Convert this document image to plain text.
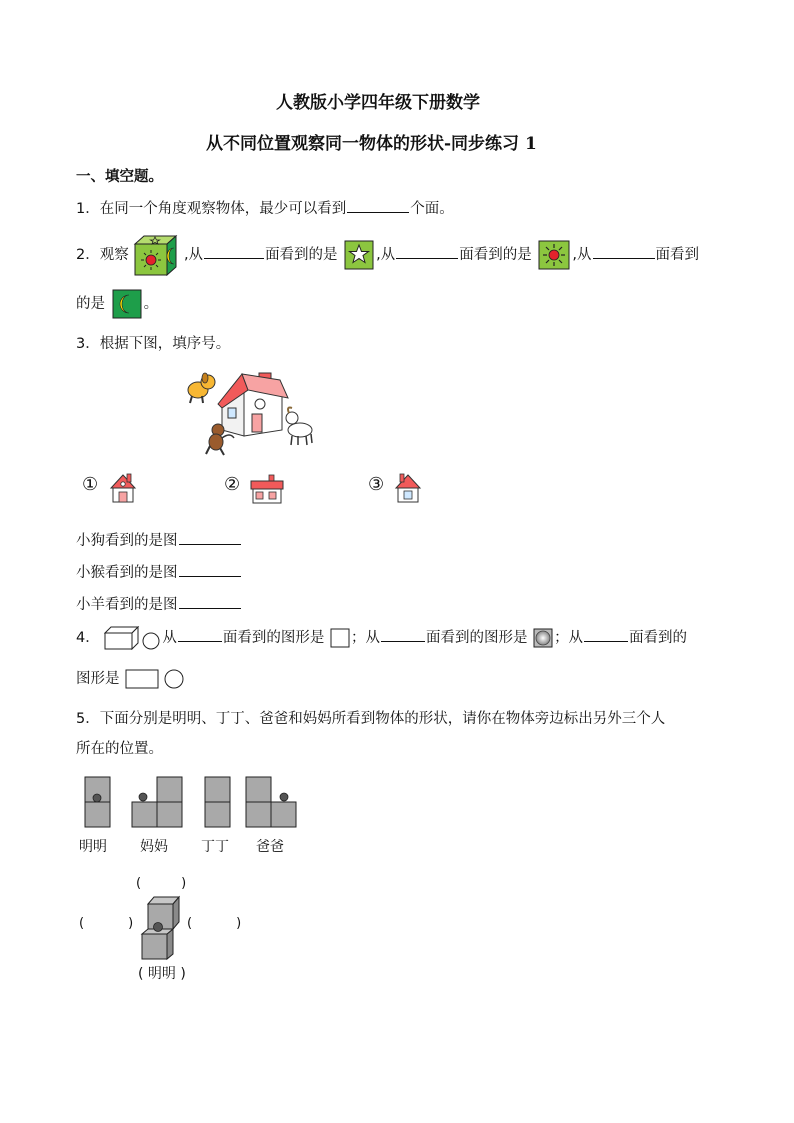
人教版小学四年级下册数学
从不同位置观察同一物体的形状-同步练习 1
一、填空题。
1．在同一个角度观察物体，最少可以看到	个面。
2．观察	,从	面看到的是	,从	面看到的是	,从	面看到
的是	。
3．根据下图，填序号。
①	②	③
小狗看到的是图
小猴看到的是图
小羊看到的是图
4．	从	面看到的图形是 ；从	面看到的图形是 ；从	面看到的
图形是
5．下面分别是明明、丁丁、爸爸和妈妈所看到物体的形状，请你在物体旁边标出另外三个人
所在的位置。
明明 妈妈 丁丁 爸爸
(	)
(	)	(	)
( 明明 )
